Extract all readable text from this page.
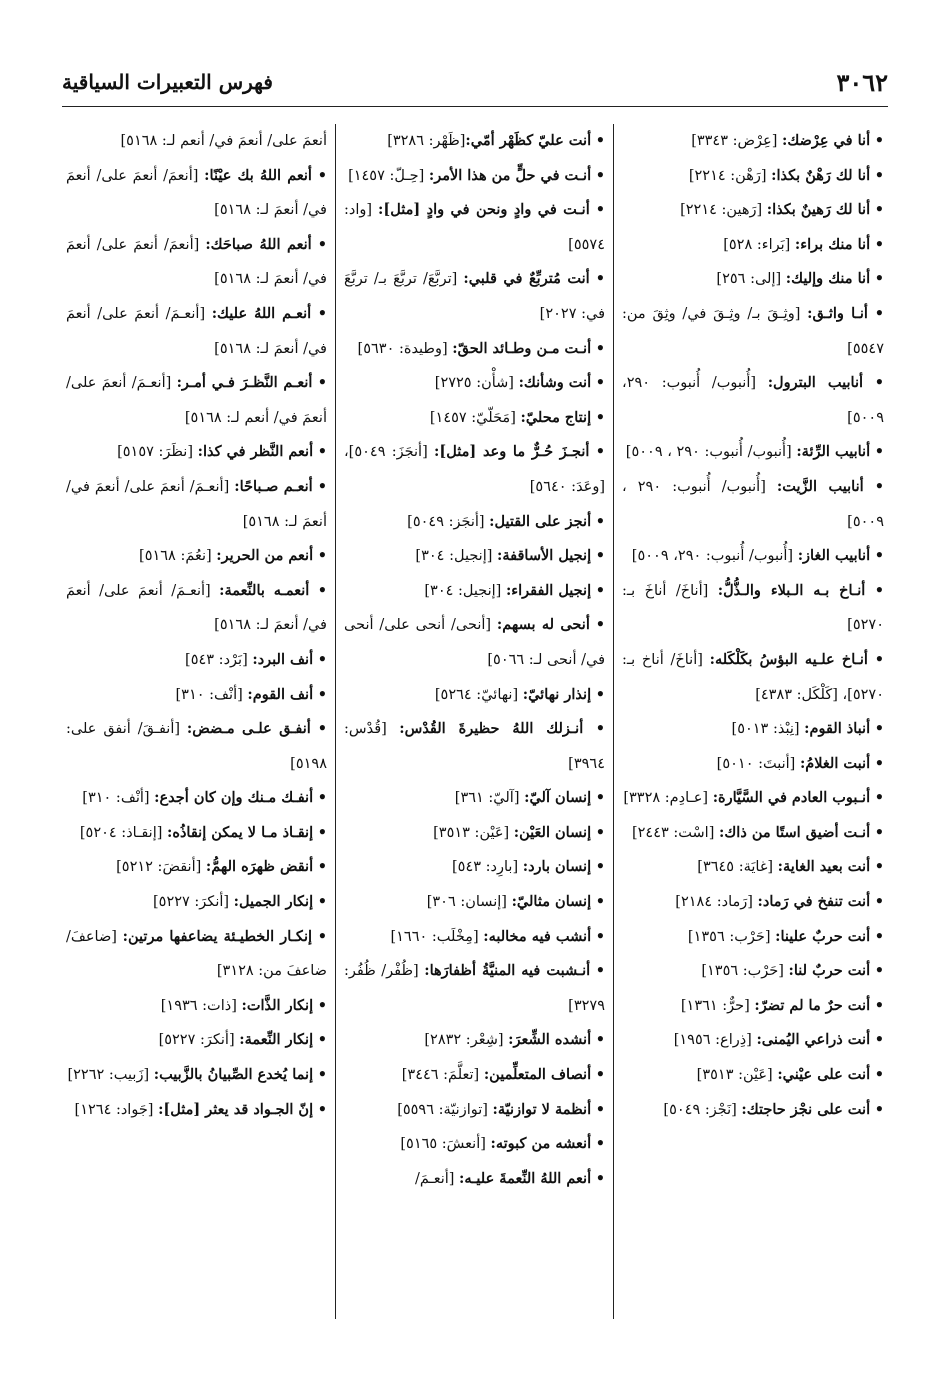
٣٠٦٢
فهرس التعبيرات السياقية

• أنا في عِرْضك: [عِرْض: ٣٣٤٣]

• أنا لك رَهْنٌ بكذا: [رَهْن: ٢٢١٤]

• أنا لك رَهينٌ بكذا: [رَهين: ٢٢١٤]

• أنا منك براء: [بَراء: ٥٢٨]

• أنا منك وإليك: [إلى: ٢٥٦]

• أنـا واثـق: [وثِـقَ بـ/ وثِـقَ في/ وثِقَ من: ٥٥٤٧]

• أنابيب البترول: [أُنبوب/ أُنبوب: ٢٩٠، ٥٠٠٩]

• أنابيب الرِّئة: [أُنبوب/ أُنبوب: ٢٩٠ ، ٥٠٠٩]

• أنابيب الزَّيت: [أُنبوب/ أُنبوب: ٢٩٠ ، ٥٠٠٩]

• أنابيب الغاز: [أُنبوب/ أُنبوب: ٢٩٠، ٥٠٠٩]

• أنـاخ بـه الـبلاء والـذُّلُّ: [أناخَ/ أناخَ بـ: ٥٢٧٠]

• أنـاخ علـيه البؤسُ بكَلْكَله: [أناخَ/ أناخ بـ: ٥٢٧٠]، [كَلْكَل: ٤٣٨٣]

• أنباذ القوم: [نِبْذ: ٥٠١٣]

• أنبت الغلامُ: [أنبتَ: ٥٠١٠]

• أنـبوب العادم في السَّيَّارة: [عـادِم: ٣٣٢٨]

• أنـت أضيق استًا من ذاك: [اسْت: ٢٤٤٣]

• أنت بعيد الغاية: [غايَة: ٣٦٤٥]

• أنت تنفخ في رَماد: [رَماد: ٢١٨٤]

• أنت حربٌ علينا: [حَرْب: ١٣٥٦]

• أنت حربٌ لنا: [حَرْب: ١٣٥٦]

• أنت حرٌ ما لم تضرّ: [حرٌّ: ١٣٦١]

• أنت ذراعي اليُمنى: [ذِراع: ١٩٥٦]

• أنت على عيْني: [عَيْن: ٣٥١٣]

• أنت على نجْز حاجتك: [نَجْز: ٥٠٤٩]

• أنت عليّ كظَهْر أمّي:[ظَهْر: ٣٢٨٦]

• أنـت في حلٍّ من هذا الأمر: [حِـلّ: ١٤٥٧]

• أنـت في وادٍ ونحن في وادٍ [مثل]: [واد: ٥٥٧٤]

• أنت مُتربِّعٌ في قلبي: [تربَّعَ/ تربَّعَ بـ/ تربَّعَ في: ٢٠٢٧]

• أنـت مـن وطـائد الحقّ: [وطيدة: ٥٦٣٠]

• أنت وشأنك: [شأْن: ٢٧٢٥]

• إنتاج محليّ: [مَحَلّيّ: ١٤٥٧]

• أنجـزَ حُـرٌّ ما وعد [مثل]: [أنجَزَ: ٥٠٤٩]، [وعَدَ: ٥٦٤٠]

• أنجز على القتيل: [أنجَز: ٥٠٤٩]

• إنجيل الأساقفة: [إنجيل: ٣٠٤]

• إنجيل الفقراء: [إنجيل: ٣٠٤]

• أنحى له بسهم: [أنحى/ أنحى على/ أنحى في/ أنحى لـ: ٥٠٦٦]

• إنذار نهائيّ: [نهائيّ: ٥٢٦٤]

• أنـزلك اللهُ حظيرةَ القُدْس: [قُدْس: ٣٩٦٤]

• إنسان آليّ: [آليّ: ٣٦١]

• إنسان العَيْن: [عَيْن: ٣٥١٣]

• إنسان بارد: [بارِد: ٥٤٣]

• إنسان مثاليّ: [إنسان: ٣٠٦]

• أنشب فيه مخالبه: [مِخْلَب: ١٦٦٠]

• أنـشبت فيه المنيَّةُ أظفارَها: [ظُفْر/ ظُفُر: ٣٢٧٩]

• أنشده الشِّعرَ: [شِعْر: ٢٨٣٢]

• أنصاف المتعلِّمين: [تعلَّمَ: ٣٤٤٦]

• أنظمة لا توازنيّة: [توازنيّة: ٥٥٩٦]

• أنعشه من كبوته: [أنعشَ: ٥١٦٥]

• أنعم اللهُ النِّعمةَ عليـه: [أنعـمَ/

أنعمَ على/ أنعمَ في/ أنعم لـ: ٥١٦٨]

• أنعم اللهُ بك عيْنًا: [أنعمَ/ أنعمَ على/ أنعمَ في/ أنعمَ لـ: ٥١٦٨]

• أنعم اللهُ صباحَك: [أنعمَ/ أنعمَ على/ أنعمَ في/ أنعمَ لـ: ٥١٦٨]

• أنعـم اللهُ عليك: [أنعـمَ/ أنعمَ على/ أنعمَ في/ أنعمَ لـ: ٥١٦٨]

• أنعـم النَّظـرَ فـي أمـر: [أنعـمَ/ أنعمَ على/ أنعمَ في/ أنعم لـ: ٥١٦٨]

• أنعم النَّظر في كذا: [نظَرَ: ٥١٥٧]

• أنعـم صـباحًا: [أنعـمَ/ أنعمَ على/ أنعمَ في/ أنعمَ لـ: ٥١٦٨]

• أنعم من الحرير: [نعُمَ: ٥١٦٨]

• أنعمـه بالنِّعمة: [أنعـمَ/ أنعمَ على/ أنعمَ في/ أنعمَ لـ: ٥١٦٨]

• أنف البرد: [بَرْد: ٥٤٣]

• أنف القوم: [أنْف: ٣١٠]

• أنفـق علـى مـضض: [أنفـقَ/ أنفق على: ٥١٩٨]

• أنفـك مـنك وإن كان أجدع: [أنْف: ٣١٠]

• إنقـاذ مـا لا يمكن إنقاذُه: [إنقـاذ: ٥٢٠٤]

• أنقض ظهرَه الهمُّ: [أنقضَ: ٥٢١٢]

• إنكار الجميل: [أنكرَ: ٥٢٢٧]

• إنكـار الخطيـئة يضاعفها مرتين: [ضاعفَ/ ضاعفَ من: ٣١٢٨]

• إنكار الذَّات: [ذات: ١٩٣٦]

• إنكار النِّعمة: [أنكرَ: ٥٢٢٧]

• إنما يُخدع الصِّبيانُ بالزَّبيب: [زَبيب: ٢٢٦٢]

• إنّ الجـواد قد يعثر [مثل]: [جَواد: ١٢٦٤]
